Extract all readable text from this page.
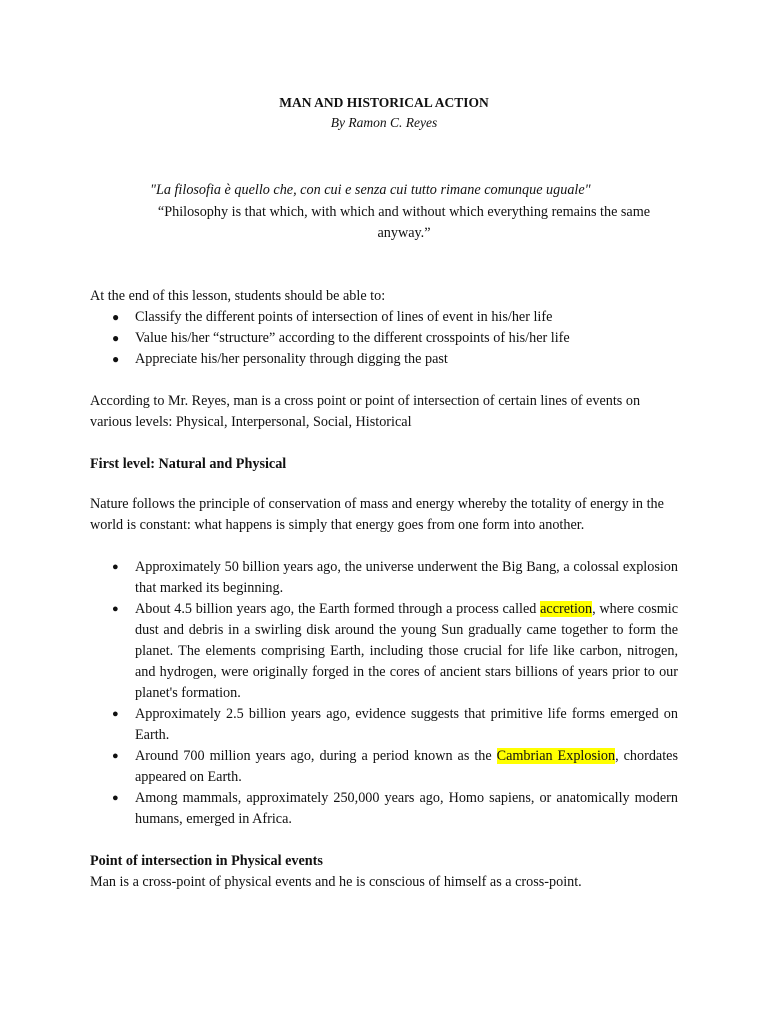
MAN AND HISTORICAL ACTION

By Ramon C. Reyes

"La filosofia è quello che, con cui e senza cui tutto rimane comunque uguale"
“Philosophy is that which, with which and without which everything remains the same anyway.”
At the end of this lesson, students should be able to:
● Classify the different points of intersection of lines of event in his/her life
● Value his/her “structure” according to the different crosspoints of his/her life
● Appreciate his/her personality through digging the past
According to Mr. Reyes, man is a cross point or point of intersection of certain lines of events on various levels: Physical, Interpersonal, Social, Historical
First level: Natural and Physical
Nature follows the principle of conservation of mass and energy whereby the totality of energy in the world is constant: what happens is simply that energy goes from one form into another.
● Approximately 50 billion years ago, the universe underwent the Big Bang, a colossal explosion that marked its beginning.
● About 4.5 billion years ago, the Earth formed through a process called accretion, where cosmic dust and debris in a swirling disk around the young Sun gradually came together to form the planet. The elements comprising Earth, including those crucial for life like carbon, nitrogen, and hydrogen, were originally forged in the cores of ancient stars billions of years prior to our planet's formation.
● Approximately 2.5 billion years ago, evidence suggests that primitive life forms emerged on Earth.
● Around 700 million years ago, during a period known as the Cambrian Explosion, chordates appeared on Earth.
● Among mammals, approximately 250,000 years ago, Homo sapiens, or anatomically modern humans, emerged in Africa.
Point of intersection in Physical events
Man is a cross-point of physical events and he is conscious of himself as a cross-point.
